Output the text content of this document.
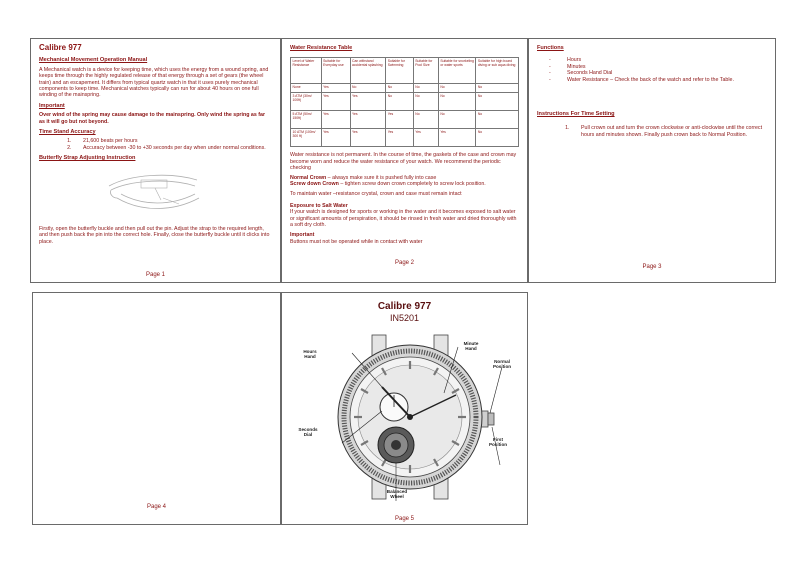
Calibre 977
Mechanical Movement Operation Manual

A Mechanical watch is a device for keeping time, which uses the energy from a wound spring, and keeps time through the highly regulated release of that energy through a set of gears (the wheel train) and an escapement. It differs from typical quartz watch in that it uses purely mechanical components to keep time. Mechanical watches typically can run for about 40 hours on one full winding of the mainspring.

Important

Over wind of the spring may cause damage to the mainspring. Only wind the spring as far as it will go but not beyond.

Time Stand Accuracy
1. 21,600 beats per hours
2. Accuracy between -30 to +30 seconds per day when under normal conditions.
Butterfly Strap Adjusting Instruction

Firstly, open the butterfly buckle and then pull out the pin. Adjust the strap to the required length, and then push back the pin into the correct hole. Finally, close the butterfly buckle until it clicks into place.

Page 1
Water Resistance Table
Level of Water Resistance	Suitable for Everyday use	Can withstand accidental splashing	Suitable for Swimming	Suitable for Pool Size	Suitable for snorkeling or water sports	Suitable for high board diving or sub aqua diving
None	Yes	No	No	No	No	No
3 ATM (30m/ 100ft)	Yes	Yes	No	No	No	No
5 ATM (50m/ 150ft)	Yes	Yes	Yes	No	No	No
10 ATM (100m/ 300 ft)	Yes	Yes	Yes	Yes	Yes	No

Water resistance is not permanent. In the course of time, the gaskets of the case and crown may become worn and reduce the water resistance of your watch. We recommend the periodic checking

Normal Crown – always make sure it is pushed fully into case
Screw down Crown – tighten screw down crown completely to screw lock position.

To maintain water –resistance crystal, crown and case must remain intact

Exposure to Salt Water

If your watch is designed for sports or working in the water and it becomes exposed to salt water or significant amounts of perspiration, it should be rinsed in fresh water and dried thoroughly with a soft dry cloth.

Important

Buttons must not be operated while in contact with water

Page 2
Functions
- Hours
- Minutes
- Seconds Hand Dial
- Water Resistance – Check the back of the watch and refer to the Table.
Instructions For Time Setting
1. Pull crown out and turn the crown clockwise or anti-clockwise until the correct hours and minutes shown. Finally push crown back to Normal Position.
Page 3
Page 4
Calibre 977
IN5201
Hours Hand
Minute Hand
Normal Position
Seconds Dial
First Position
Balanced Wheel
Page 5
